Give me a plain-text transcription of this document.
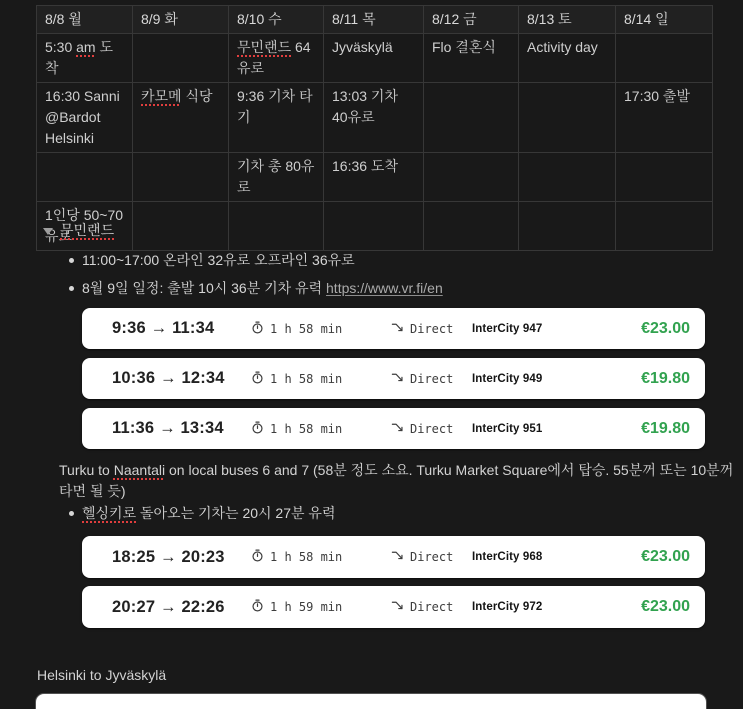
8/8 월	8/9 화	8/10 수	8/11 목	8/12 금	8/13 토	8/14 일
5:30 am 도착		무민랜드 64유로	Jyväskylä	Flo 결혼식	Activity day	
16:30 Sanni @Bardot Helsinki	카모메 식당	9:36 기차 타기	13:03 기차 40유로			17:30 출발
		기차 총 80유로	16:36 도착			
1인당 50~70유로						
무민랜드
11:00~17:00 온라인 32유로 오프라인 36유로
8월 9일 일정: 출발 10시 36분 기차 유력 https://www.vr.fi/en
9:36 → 11:34	1 h 58 min	Direct InterCity 947	€23.00
10:36 → 12:34	1 h 58 min	Direct InterCity 949	€19.80
11:36 → 13:34	1 h 58 min	Direct InterCity 951	€19.80
Turku to Naantali on local buses 6 and 7 (58분 정도 소요. Turku Market Square에서 탑승. 55분꺼 또는 10분꺼 타면 될 듯)
헬싱키로 돌아오는 기차는 20시 27분 유력
18:25 → 20:23	1 h 58 min	Direct InterCity 968	€23.00
20:27 → 22:26	1 h 59 min	Direct InterCity 972	€23.00
Helsinki to Jyväskylä
